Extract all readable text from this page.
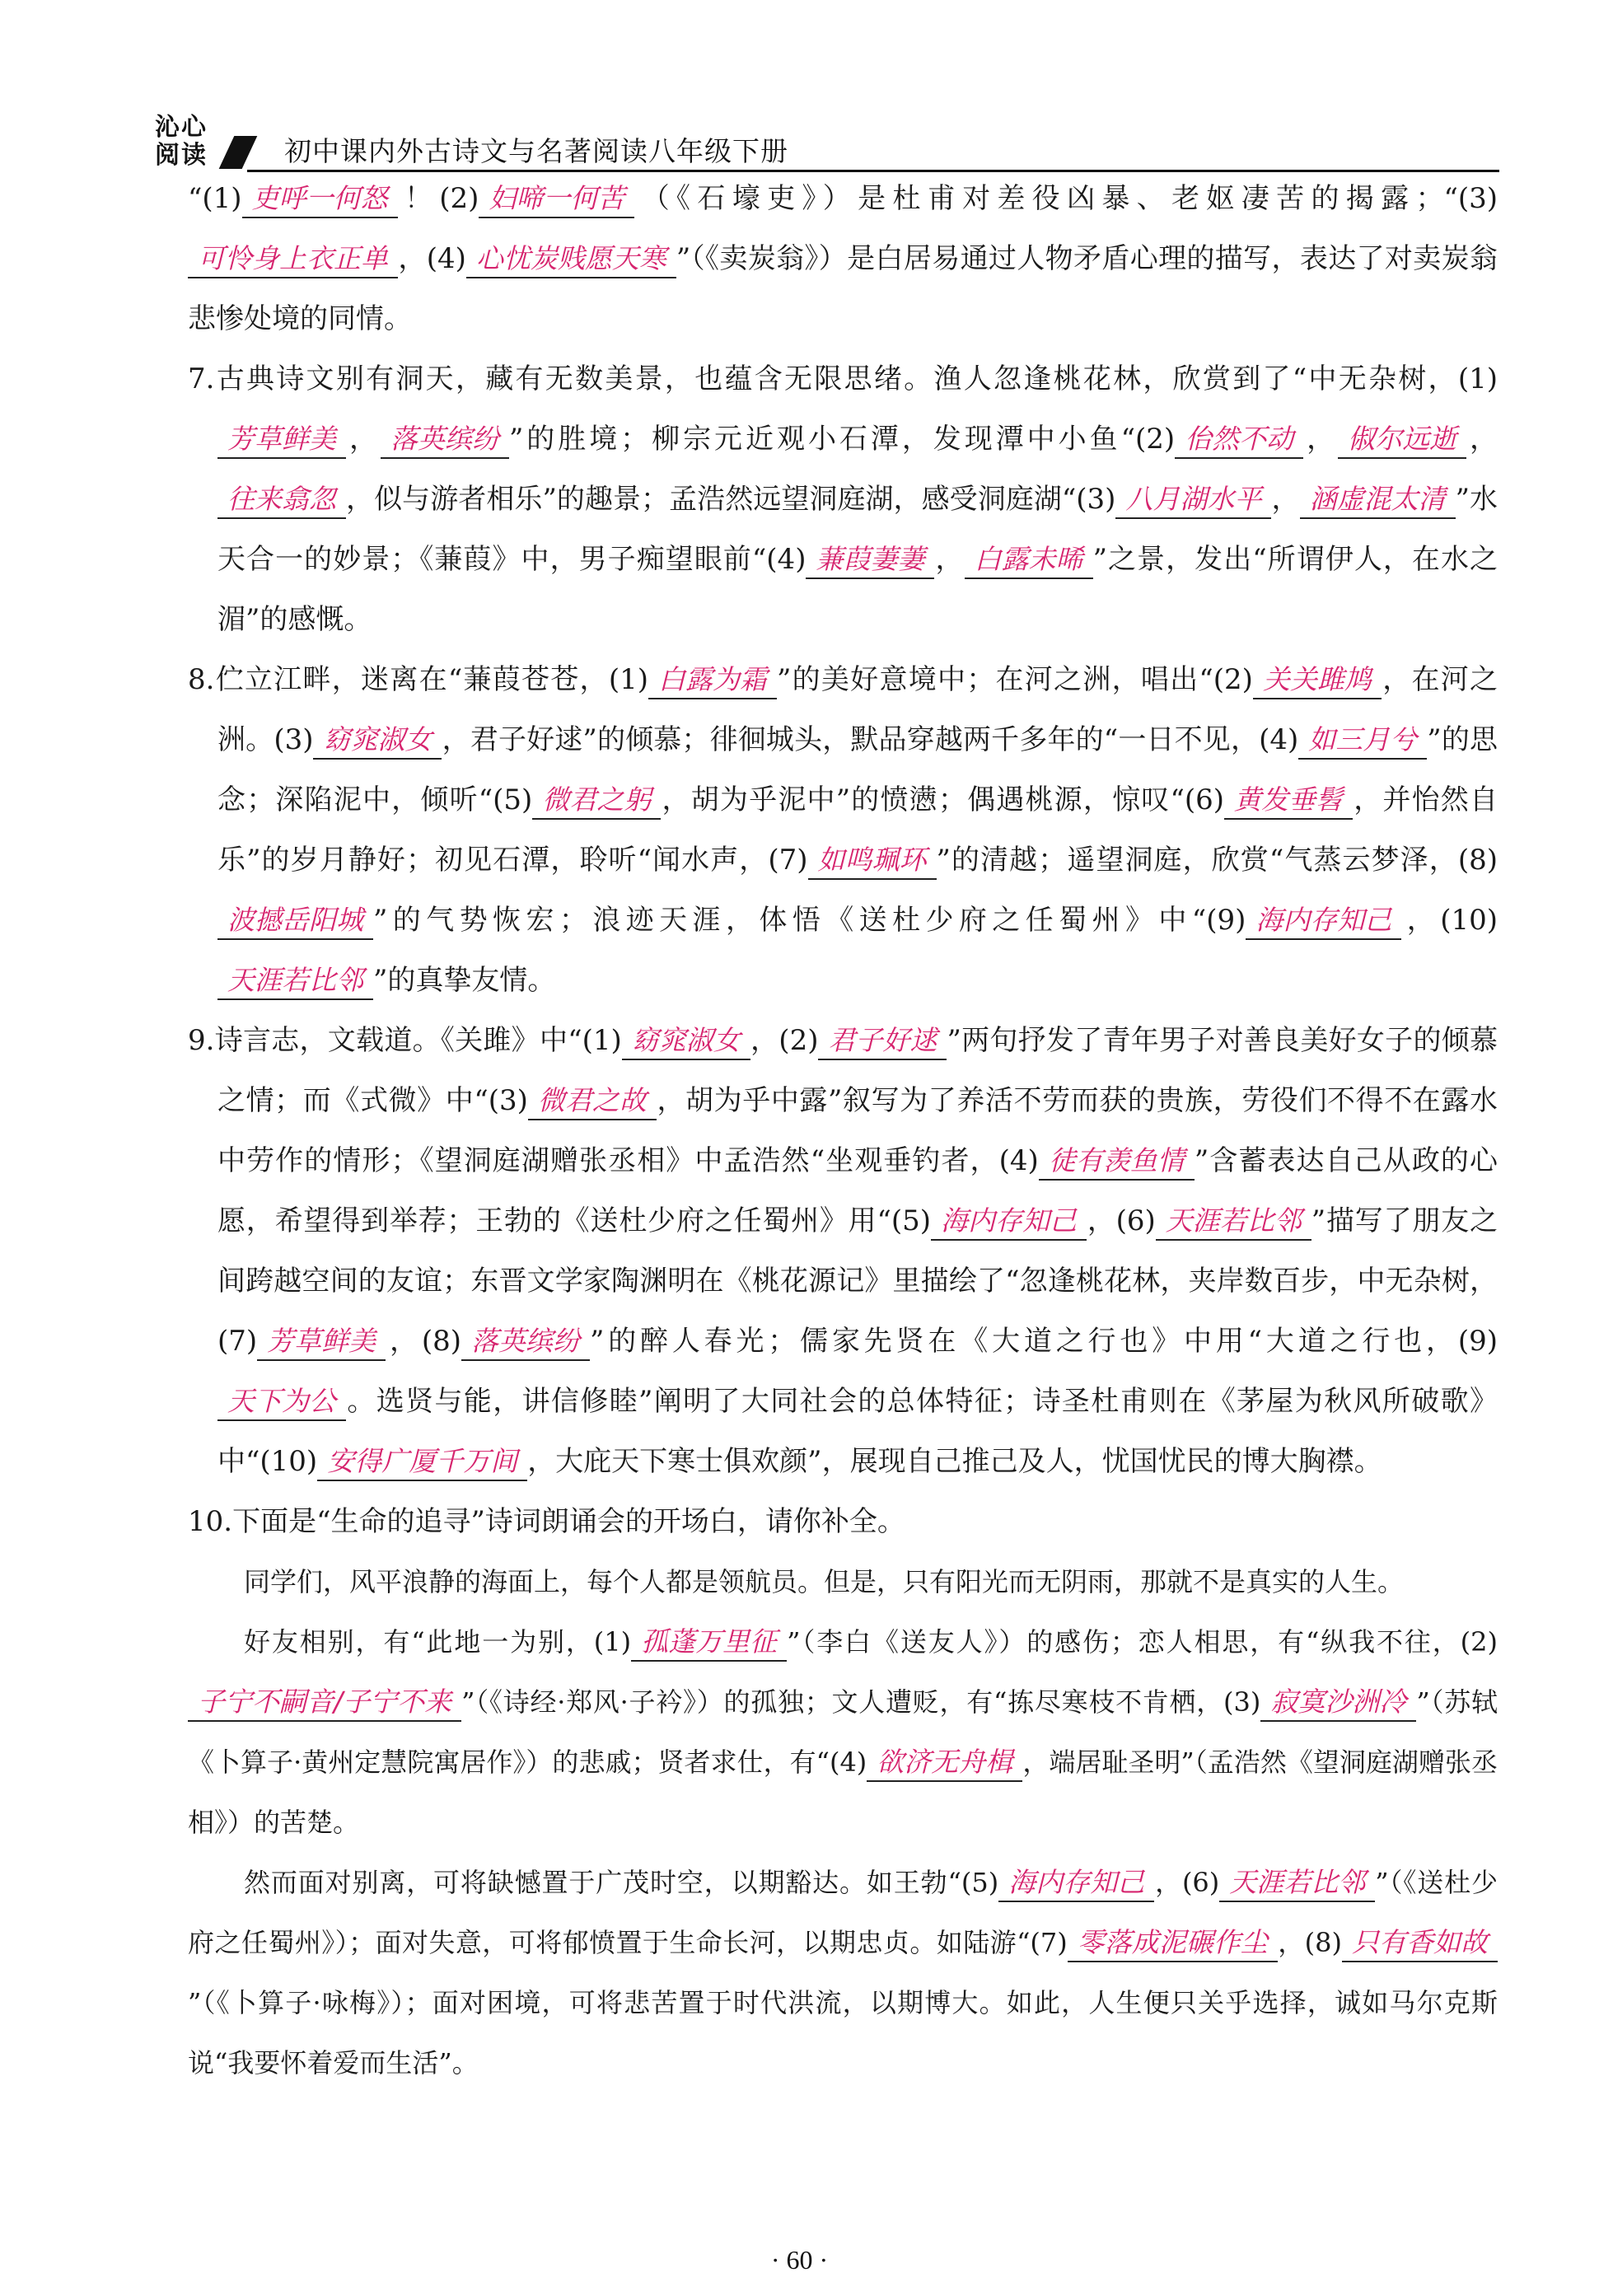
沁心
阅读	初中课内外古诗文与名著阅读八年级下册

“(1) 吏呼一何怒 ！(2) 妇啼一何苦 （《石壕吏》）是杜甫对差役凶暴、老妪凄苦的揭露；“(3)可怜身上衣正单 ，(4) 心忧炭贱愿天寒 ”（《卖炭翁》）是白居易通过人物矛盾心理的描写，表达了对卖炭翁悲惨处境的同情。

7.古典诗文别有洞天，藏有无数美景，也蕴含无限思绪。渔人忽逢桃花林，欣赏到了“中无杂树，(1)芳草鲜美 ， 落英缤纷 ”的胜境；柳宗元近观小石潭，发现潭中小鱼“(2) 佁然不动 ， 俶尔远逝 ，往来翕忽 ，似与游者相乐”的趣景；孟浩然远望洞庭湖，感受洞庭湖“(3) 八月湖水平 ， 涵虚混太清 ”水天合一的妙景；《蒹葭》中，男子痴望眼前“(4) 蒹葭萋萋 ， 白露未晞 ”之景，发出“所谓伊人，在水之湄”的感慨。

8.伫立江畔，迷离在“蒹葭苍苍，(1) 白露为霜 ”的美好意境中；在河之洲，唱出“(2) 关关雎鸠 ，在河之洲。(3) 窈窕淑女 ，君子好逑”的倾慕；徘徊城头，默品穿越两千多年的“一日不见，(4) 如三月兮 ”的思念；深陷泥中，倾听“(5) 微君之躬 ，胡为乎泥中”的愤懑；偶遇桃源，惊叹“(6) 黄发垂髫 ，并怡然自乐”的岁月静好；初见石潭，聆听“闻水声，(7) 如鸣珮环 ”的清越；遥望洞庭，欣赏“气蒸云梦泽，(8)波撼岳阳城 ”的气势恢宏；浪迹天涯，体悟《送杜少府之任蜀州》中“(9) 海内存知己 ，(10)天涯若比邻 ”的真挚友情。

9.诗言志，文载道。《关雎》中“(1) 窈窕淑女 ，(2) 君子好逑 ”两句抒发了青年男子对善良美好女子的倾慕之情；而《式微》中“(3) 微君之故 ，胡为乎中露”叙写为了养活不劳而获的贵族，劳役们不得不在露水中劳作的情形；《望洞庭湖赠张丞相》中孟浩然“坐观垂钓者，(4) 徒有羡鱼情 ”含蓄表达自己从政的心愿，希望得到举荐；王勃的《送杜少府之任蜀州》用“(5) 海内存知己 ，(6) 天涯若比邻 ”描写了朋友之间跨越空间的友谊；东晋文学家陶渊明在《桃花源记》里描绘了“忽逢桃花林，夹岸数百步，中无杂树，(7) 芳草鲜美 ，(8) 落英缤纷 ”的醉人春光；儒家先贤在《大道之行也》中用“大道之行也，(9)天下为公 。选贤与能，讲信修睦”阐明了大同社会的总体特征；诗圣杜甫则在《茅屋为秋风所破歌》中“(10) 安得广厦千万间 ，大庇天下寒士俱欢颜”，展现自己推己及人，忧国忧民的博大胸襟。

10.下面是“生命的追寻”诗词朗诵会的开场白，请你补全。

同学们，风平浪静的海面上，每个人都是领航员。但是，只有阳光而无阴雨，那就不是真实的人生。

好友相别，有“此地一为别，(1) 孤蓬万里征 ”（李白《送友人》）的感伤；恋人相思，有“纵我不往，(2)子宁不嗣音/子宁不来 ”（《诗经·郑风·子衿》）的孤独；文人遭贬，有“拣尽寒枝不肯栖，(3) 寂寞沙洲冷 ”（苏轼《卜算子·黄州定慧院寓居作》）的悲戚；贤者求仕，有“(4) 欲济无舟楫 ，端居耻圣明”（孟浩然《望洞庭湖赠张丞相》）的苦楚。

然而面对别离，可将缺憾置于广茂时空，以期豁达。如王勃“(5) 海内存知己 ，(6) 天涯若比邻 ”（《送杜少府之任蜀州》）；面对失意，可将郁愤置于生命长河，以期忠贞。如陆游“(7) 零落成泥碾作尘 ，(8) 只有香如故”（《卜算子·咏梅》）；面对困境，可将悲苦置于时代洪流，以期博大。如此，人生便只关乎选择，诚如马尔克斯说“我要怀着爱而生活”。

· 60 ·
